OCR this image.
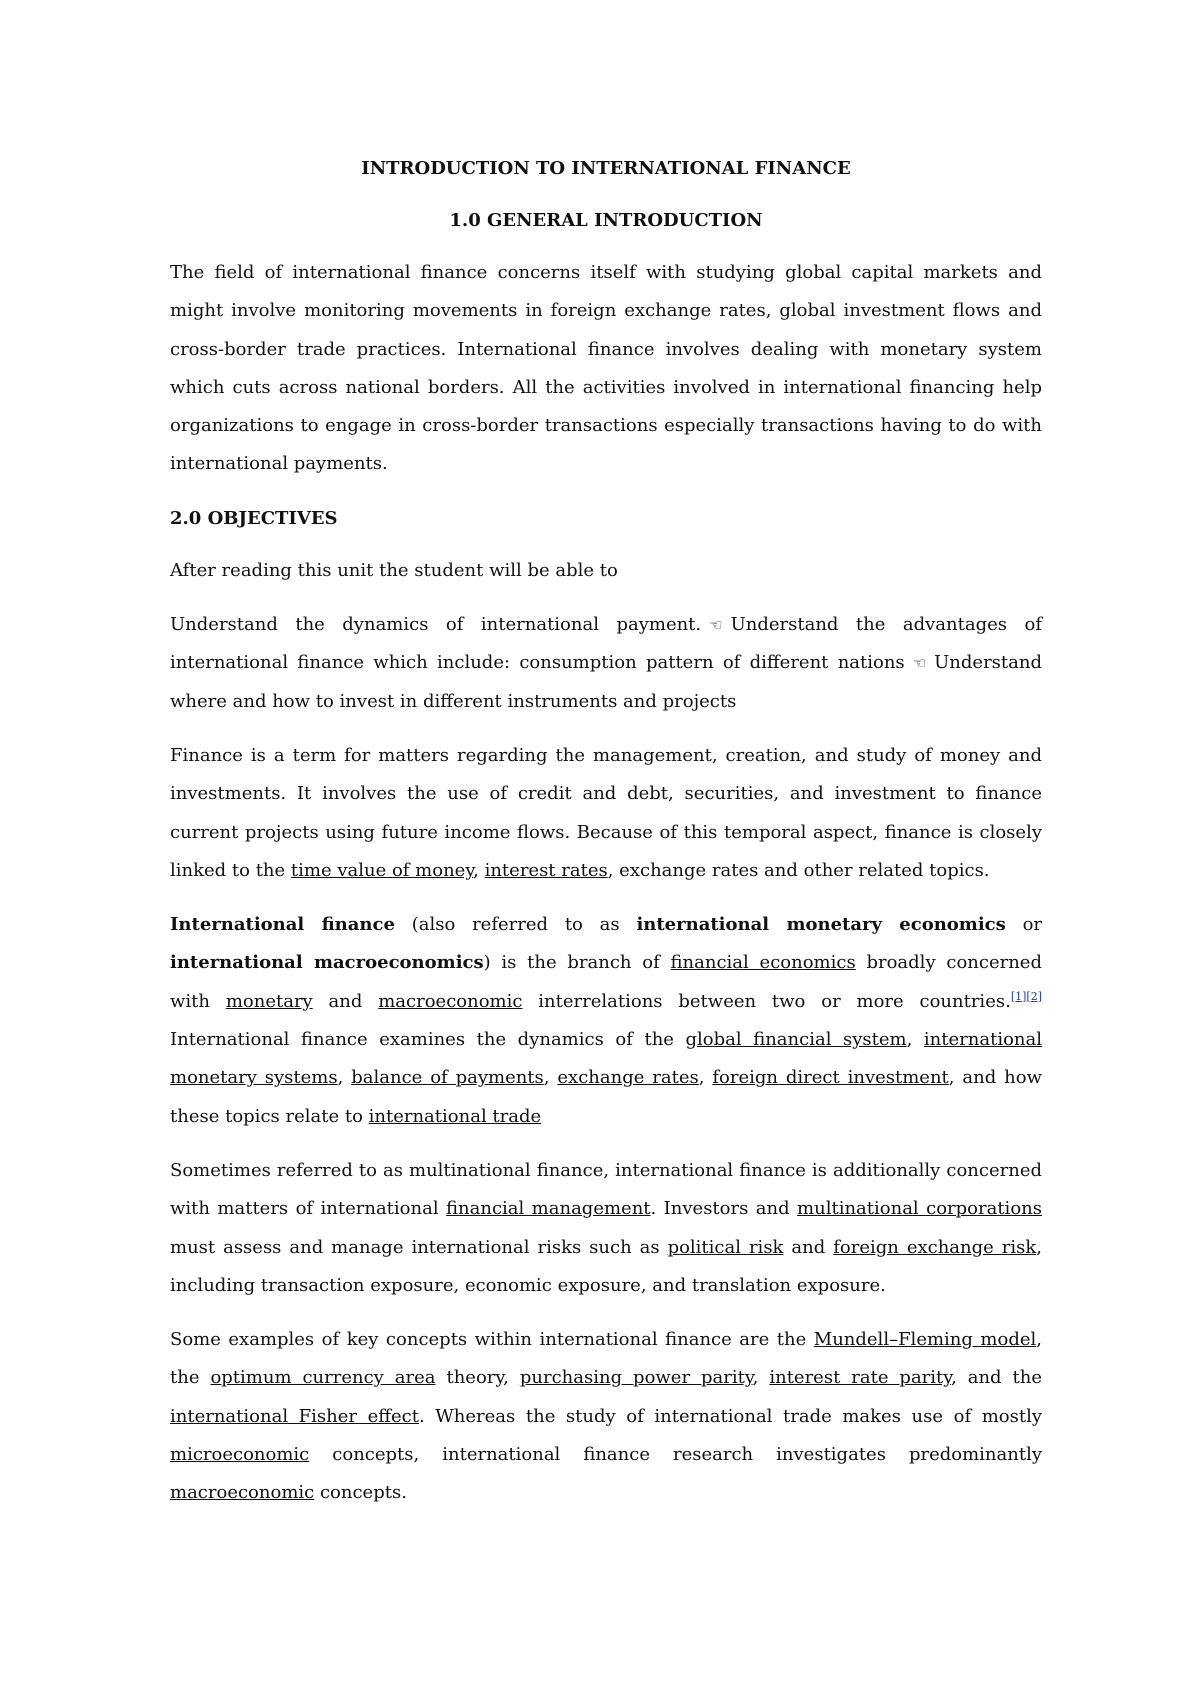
INTRODUCTION TO INTERNATIONAL FINANCE
1.0 GENERAL INTRODUCTION

The field of international finance concerns itself with studying global capital markets and might involve monitoring movements in foreign exchange rates, global investment flows and cross-border trade practices. International finance involves dealing with monetary system which cuts across national borders. All the activities involved in international financing help organizations to engage in cross-border transactions especially transactions having to do with international payments.

2.0 OBJECTIVES

After reading this unit the student will be able to

Understand the dynamics of international payment. ☜ Understand the advantages of international finance which include: consumption pattern of different nations ☜ Understand where and how to invest in different instruments and projects

Finance is a term for matters regarding the management, creation, and study of money and investments. It involves the use of credit and debt, securities, and investment to finance current projects using future income flows. Because of this temporal aspect, finance is closely linked to the time value of money, interest rates, exchange rates and other related topics.

International finance (also referred to as international monetary economics or international macroeconomics) is the branch of financial economics broadly concerned with monetary and macroeconomic interrelations between two or more countries.[1][2] International finance examines the dynamics of the global financial system, international monetary systems, balance of payments, exchange rates, foreign direct investment, and how these topics relate to international trade

Sometimes referred to as multinational finance, international finance is additionally concerned with matters of international financial management. Investors and multinational corporations must assess and manage international risks such as political risk and foreign exchange risk, including transaction exposure, economic exposure, and translation exposure.

Some examples of key concepts within international finance are the Mundell–Fleming model, the optimum currency area theory, purchasing power parity, interest rate parity, and the international Fisher effect. Whereas the study of international trade makes use of mostly microeconomic concepts, international finance research investigates predominantly macroeconomic concepts.
